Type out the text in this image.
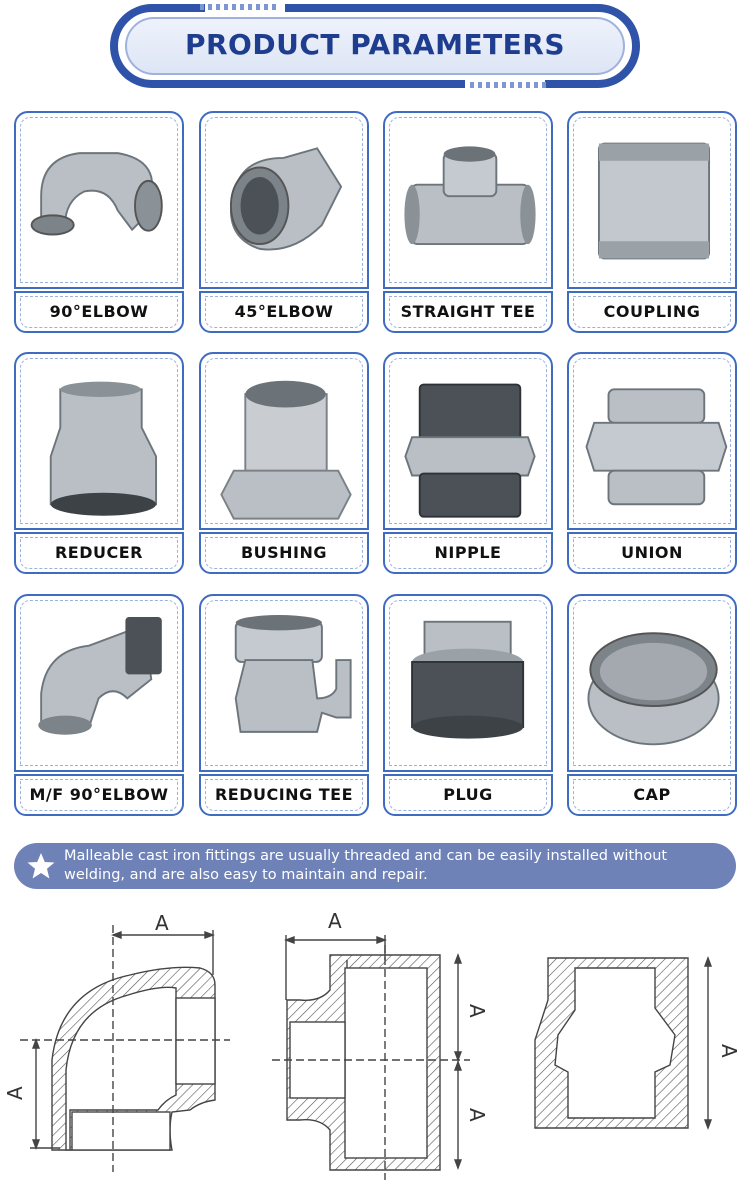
PRODUCT PARAMETERS
90°ELBOW	45°ELBOW	STRAIGHT TEE	COUPLING
REDUCER	BUSHING	NIPPLE	UNION
M/F 90°ELBOW	REDUCING TEE	PLUG	CAP
Malleable cast iron fittings are usually threaded and can be easily installed without welding, and are also easy to maintain and repair.
A
A
A
A
A
A
